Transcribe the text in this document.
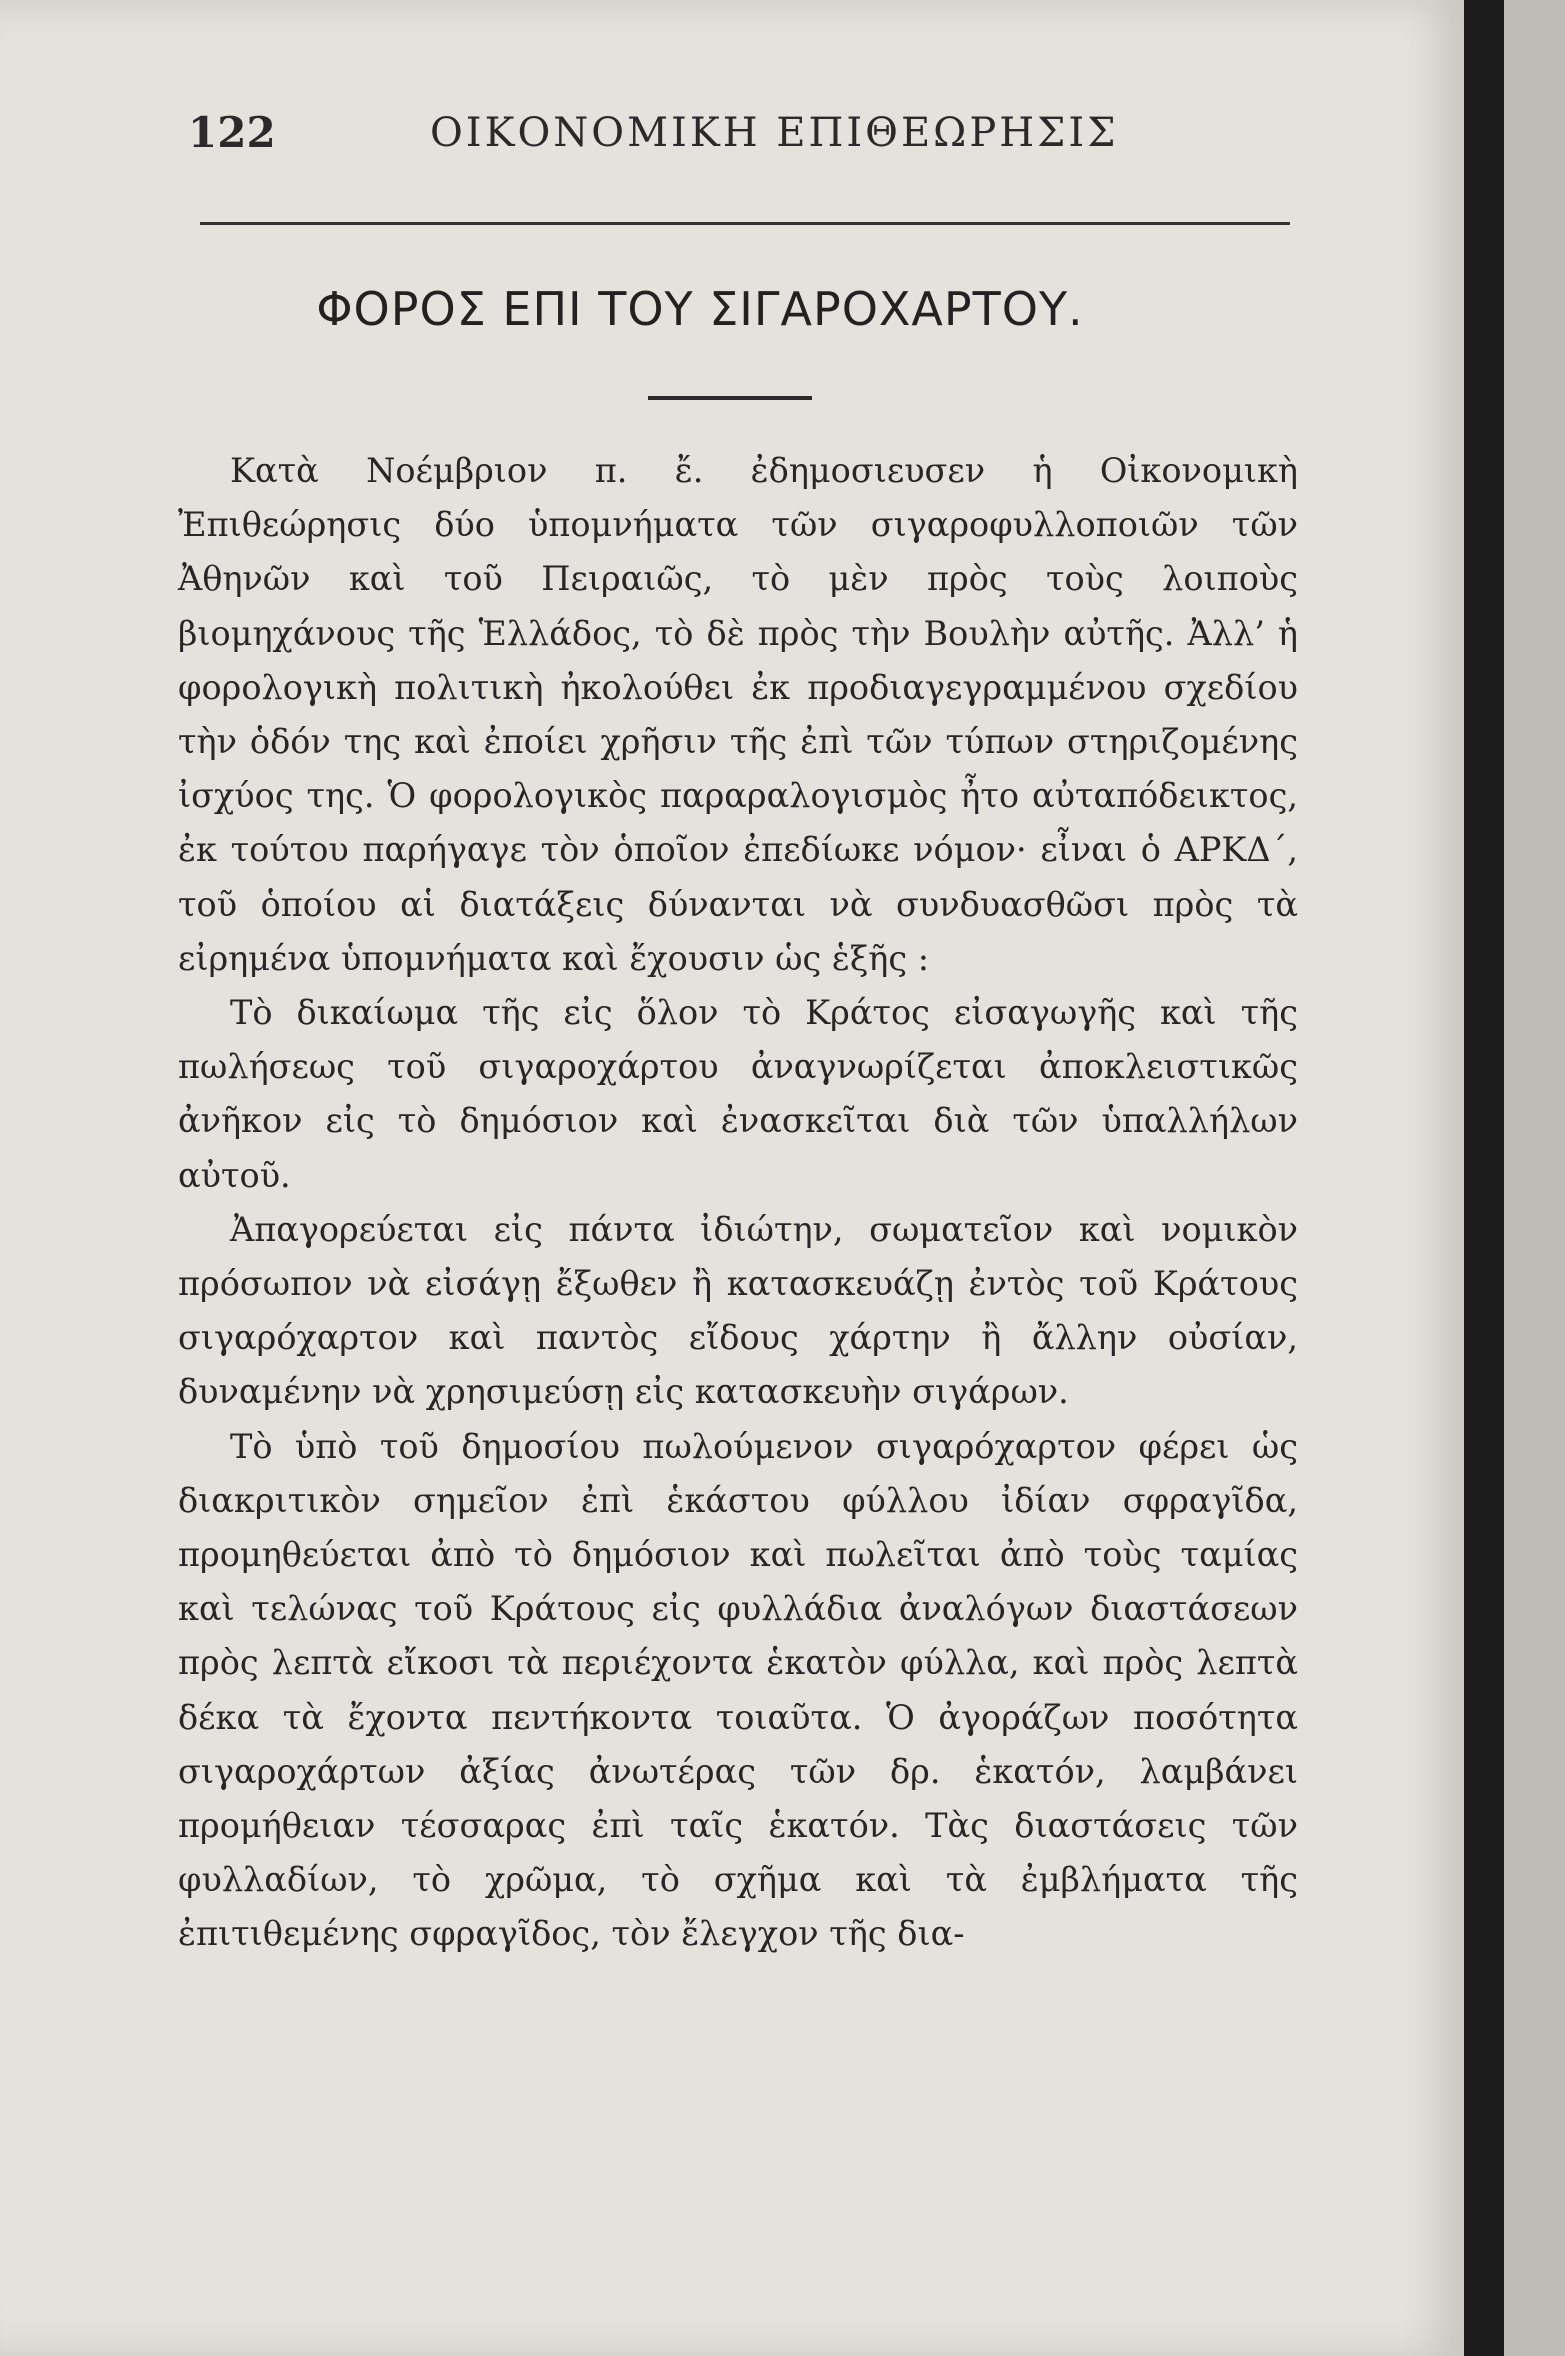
122	ΟΙΚΟΝΟΜΙΚΗ ΕΠΙΘΕΩΡΗΣΙΣ
ΦΟΡΟΣ ΕΠΙ ΤΟΥ ΣΙΓΑΡΟΧΑΡΤΟΥ.

Κατὰ Νοέμβριον π. ἔ. ἐδημοσιευσεν ἡ Οἰκονομικὴ Ἐπιθεώρησις δύο ὑπομνήματα τῶν σιγαροφυλλοποιῶν τῶν Ἀθηνῶν καὶ τοῦ Πειραιῶς, τὸ μὲν πρὸς τοὺς λοιποὺς βιομηχάνους τῆς Ἑλλάδος, τὸ δὲ πρὸς τὴν Βουλὴν αὐτῆς. Ἀλλ’ ἡ φορολογικὴ πολιτικὴ ἠκολούθει ἐκ προδιαγεγραμμένου σχεδίου τὴν ὁδόν της καὶ ἐποίει χρῆσιν τῆς ἐπὶ τῶν τύπων στηριζομένης ἰσχύος της. Ὁ φορολογικὸς παραραλογισμὸς ἦτο αὐταπόδεικτος, ἐκ τούτου παρήγαγε τὸν ὁποῖον ἐπεδίωκε νόμον· εἶναι ὁ ΑΡΚΔ΄, τοῦ ὁποίου αἱ διατάξεις δύνανται νὰ συνδυασθῶσι πρὸς τὰ εἰρημένα ὑπομνήματα καὶ ἔχουσιν ὡς ἑξῆς :

Τὸ δικαίωμα τῆς εἰς ὅλον τὸ Κράτος εἰσαγωγῆς καὶ τῆς πωλήσεως τοῦ σιγαροχάρτου ἀναγνωρίζεται ἀποκλειστικῶς ἀνῆκον εἰς τὸ δημόσιον καὶ ἐνασκεῖται διὰ τῶν ὑπαλλήλων αὐτοῦ.

Ἀπαγορεύεται εἰς πάντα ἰδιώτην, σωματεῖον καὶ νομικὸν πρόσωπον νὰ εἰσάγῃ ἔξωθεν ἢ κατασκευάζῃ ἐντὸς τοῦ Κράτους σιγαρόχαρτον καὶ παντὸς εἴδους χάρτην ἢ ἄλλην οὐσίαν, δυναμένην νὰ χρησιμεύσῃ εἰς κατασκευὴν σιγάρων.

Τὸ ὑπὸ τοῦ δημοσίου πωλούμενον σιγαρόχαρτον φέρει ὡς διακριτικὸν σημεῖον ἐπὶ ἑκάστου φύλλου ἰδίαν σφραγῖδα, προμηθεύεται ἀπὸ τὸ δημόσιον καὶ πωλεῖται ἀπὸ τοὺς ταμίας καὶ τελώνας τοῦ Κράτους εἰς φυλλάδια ἀναλόγων διαστάσεων πρὸς λεπτὰ εἴκοσι τὰ περιέχοντα ἑκατὸν φύλλα, καὶ πρὸς λεπτὰ δέκα τὰ ἔχοντα πεντήκοντα τοιαῦτα. Ὁ ἀγοράζων ποσότητα σιγαροχάρτων ἀξίας ἀνωτέρας τῶν δρ. ἑκατόν, λαμβάνει προμήθειαν τέσσαρας ἐπὶ ταῖς ἑκατόν. Τὰς διαστάσεις τῶν φυλλαδίων, τὸ χρῶμα, τὸ σχῆμα καὶ τὰ ἐμβλήματα τῆς ἐπιτιθεμένης σφραγῖδος, τὸν ἔλεγχον τῆς δια-
